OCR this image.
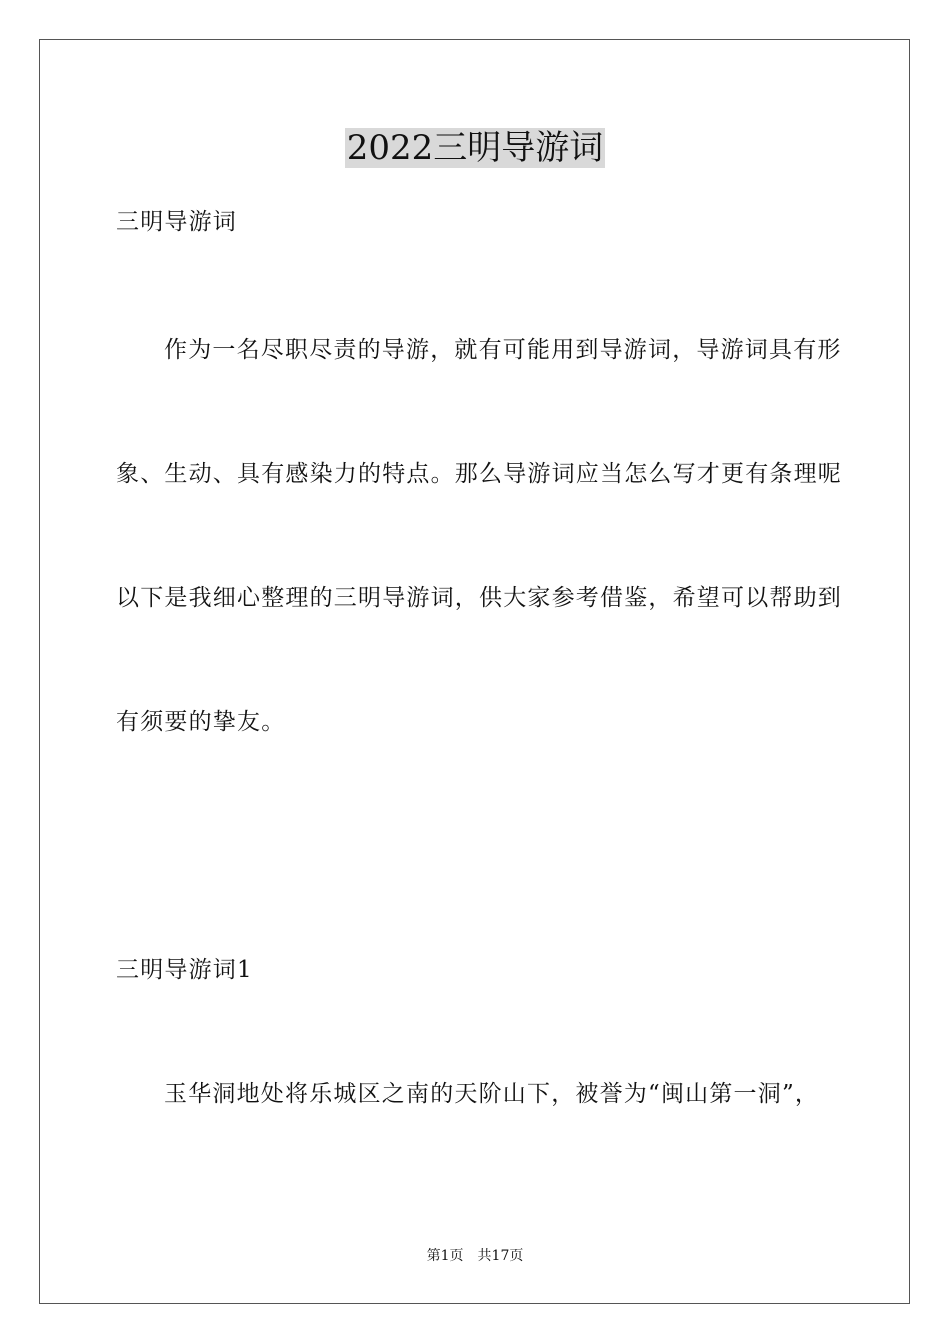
2022三明导游词
三明导游词
作为一名尽职尽责的导游，就有可能用到导游词，导游词具有形
象、生动、具有感染力的特点。那么导游词应当怎么写才更有条理呢
以下是我细心整理的三明导游词，供大家参考借鉴，希望可以帮助到
有须要的挚友。
三明导游词1
玉华洞地处将乐城区之南的天阶山下，被誉为“闽山第一洞”，
第1页　共17页
